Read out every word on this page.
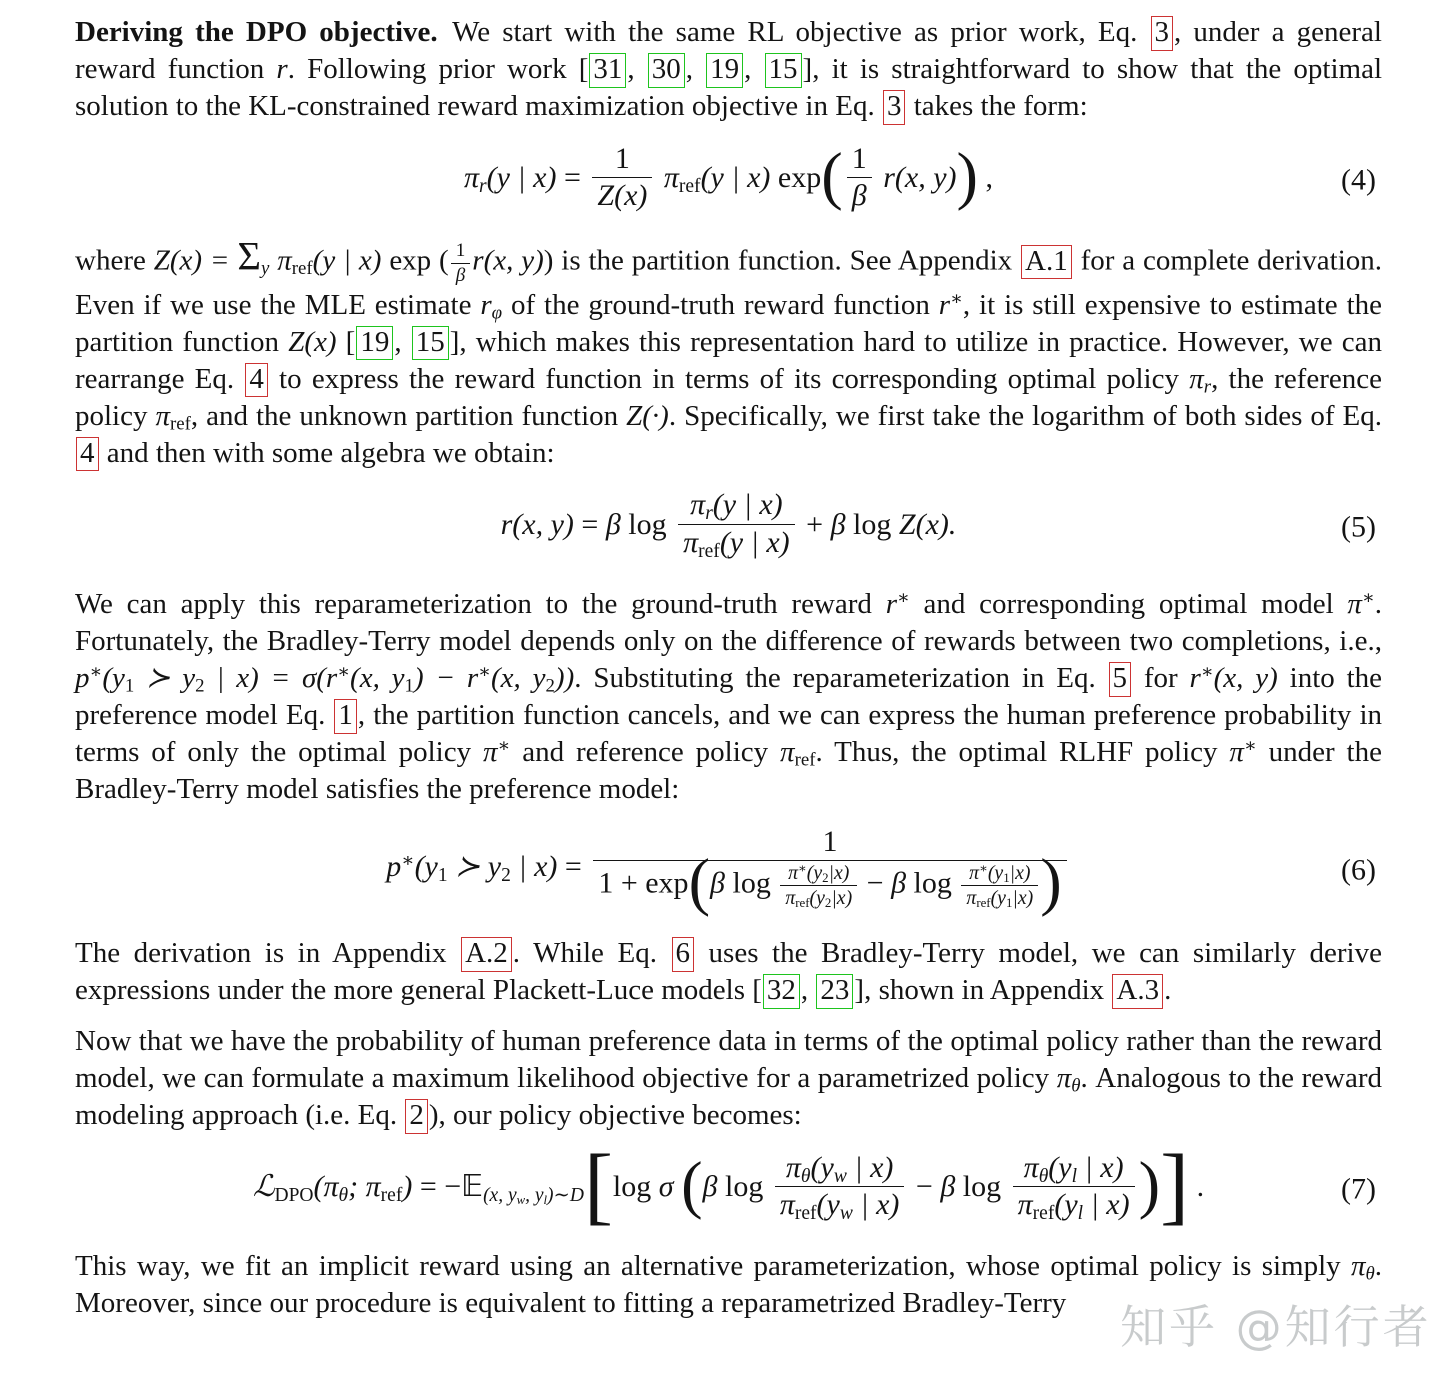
知乎 @知行者

Deriving the DPO objective. We start with the same RL objective as prior work, Eq. 3 , under a general reward function r. Following prior work [ 31 , 30 , 19 , 15 ], it is straightforward to show that the optimal solution to the KL-constrained reward maximization objective in Eq. 3 takes the form:

$\pi_r(y$ | $x) = \frac{1}{Z(x)} \pi_{ref}(y$ | x) $\exp( \frac{1}{\beta} r(x$, y)) ,	(4)

where $Z(x) = \Sigma_y$ $\pi_{ref}(y$ | x) exp ( $\frac{1}{\beta} r(x$, y)) is the partition function. See Appendix A.1 for a complete derivation. Even if we use the MLE estimate $r_\varphi$ of the ground-truth reward function r∗, it is still expensive to estimate the partition function Z(x) [ 19 , 15 ], which makes this representation hard to utilize in practice. However, we can rearrange Eq. 4 to express the reward function in terms of its corresponding optimal policy $\pi_r$, the reference policy $\pi_{ref}$, and the unknown partition function Z(·). Specifically, we first take the logarithm of both sides of Eq. 4 and then with some algebra we obtain:

r(x, y) = β $\log \frac{\pi_r(y | x)}{\pi_{ref}(y | x)} + \beta$ log Z(x).	(5)

We can apply this reparameterization to the ground-truth reward r∗ and corresponding optimal model π∗. Fortunately, the Bradley-Terry model depends only on the difference of rewards between two completions, i.e., $p^∗(y_1$ ≻ $y_2$ | x) = σ(r∗(x, $y_1) - r^∗(x$, $y_2$)). Substituting the reparameterization in Eq. 5 for r∗(x, y) into the preference model Eq. 1 , the partition function cancels, and we can express the human preference probability in terms of only the optimal policy π∗ and reference policy $\pi_{ref}$. Thus, the optimal RLHF policy π∗ under the Bradley-Terry model satisfies the preference model:

$p^∗(y_1$ ≻ $y_2$ | $x) = \frac{1}{1 + \exp(\beta \log \frac{\pi^∗(y_2|x)}{\pi_{ref}(y_2|x)} - \beta \log \frac{\pi^∗(y_1|x)}{\pi_{ref}(y_1|x)} )}$	(6)

The derivation is in Appendix A.2 . While Eq. 6 uses the Bradley-Terry model, we can similarly derive expressions under the more general Plackett-Luce models [ 32 , 23 ], shown in Appendix A.3 .

Now that we have the probability of human preference data in terms of the optimal policy rather than the reward model, we can formulate a maximum likelihood objective for a parametrized policy $\pi_\theta$. Analogous to the reward modeling approach (i.e. Eq. 2 ), our policy objective becomes:

$ℒ_{DPO}(\pi_\theta$; $\pi_{ref}$) = −𝔼$_{(x, y_w, y_l)\sim D}$[log σ (β $\log \frac{\pi_\theta(y_w | x)}{\pi_{ref}(y_w | x)} - \beta$ $\log \frac{\pi_\theta(y_l | x)}{\pi_{ref}(y_l | x)}$ )] .	(7)

This way, we fit an implicit reward using an alternative parameterization, whose optimal policy is simply $\pi_\theta$. Moreover, since our procedure is equivalent to fitting a reparametrized Bradley-Terry
